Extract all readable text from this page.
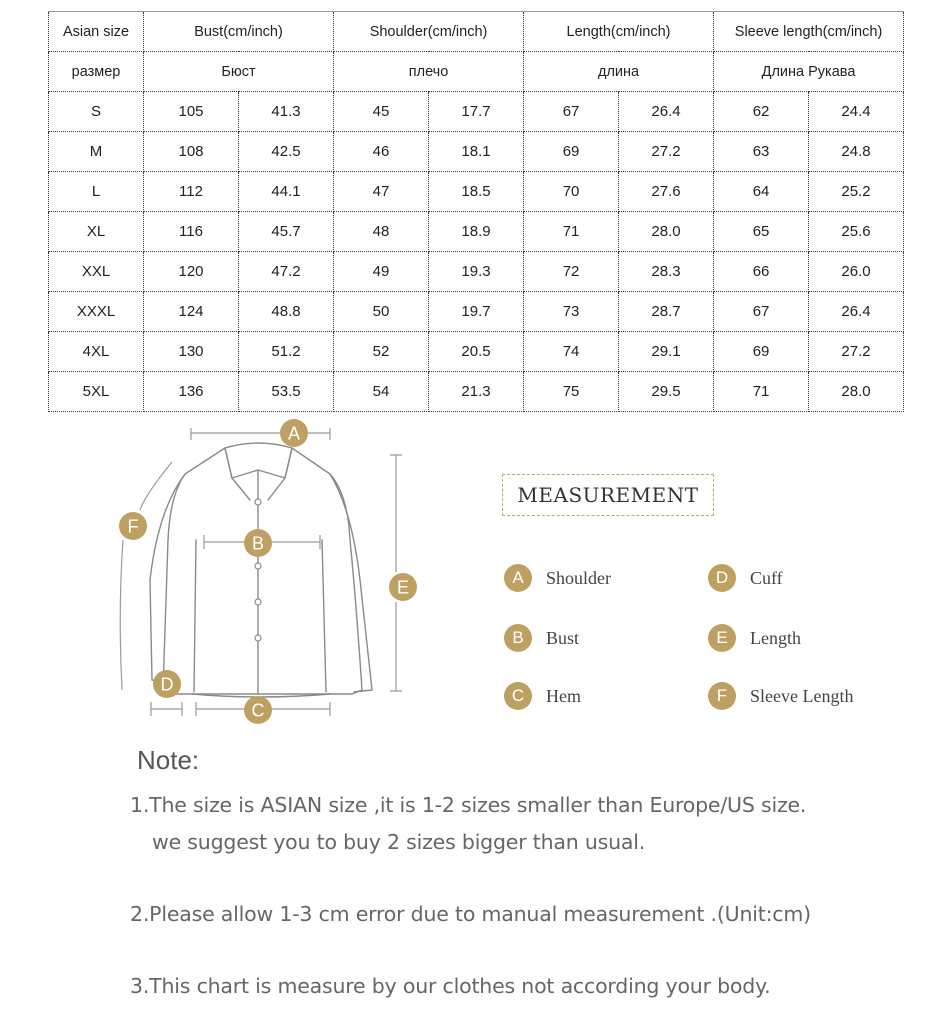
Asian size	Bust(cm/inch)		Shoulder(cm/inch)		Length(cm/inch)		Sleeve length(cm/inch)	
размер	Бюст		плечо		длина		Длина Рукава	
S	105	41.3	45	17.7	67	26.4	62	24.4
M	108	42.5	46	18.1	69	27.2	63	24.8
L	112	44.1	47	18.5	70	27.6	64	25.2
XL	116	45.7	48	18.9	71	28.0	65	25.6
XXL	120	47.2	49	19.3	72	28.3	66	26.0
XXXL	124	48.8	50	19.7	73	28.7	67	26.4
4XL	130	51.2	52	20.5	74	29.1	69	27.2
5XL	136	53.5	54	21.3	75	29.5	71	28.0
A
B
C
D
E
F
MEASUREMENT
A	Shoulder
B	Bust
C	Hem
D	Cuff
E	Length
F	Sleeve Length
Note:
1.The size is ASIAN size ,it is 1-2 sizes smaller than Europe/US size.
we suggest you to buy 2 sizes bigger than usual.
2.Please allow 1-3 cm error due to manual measurement .(Unit:cm)
3.This chart is measure by our clothes not according your body.
